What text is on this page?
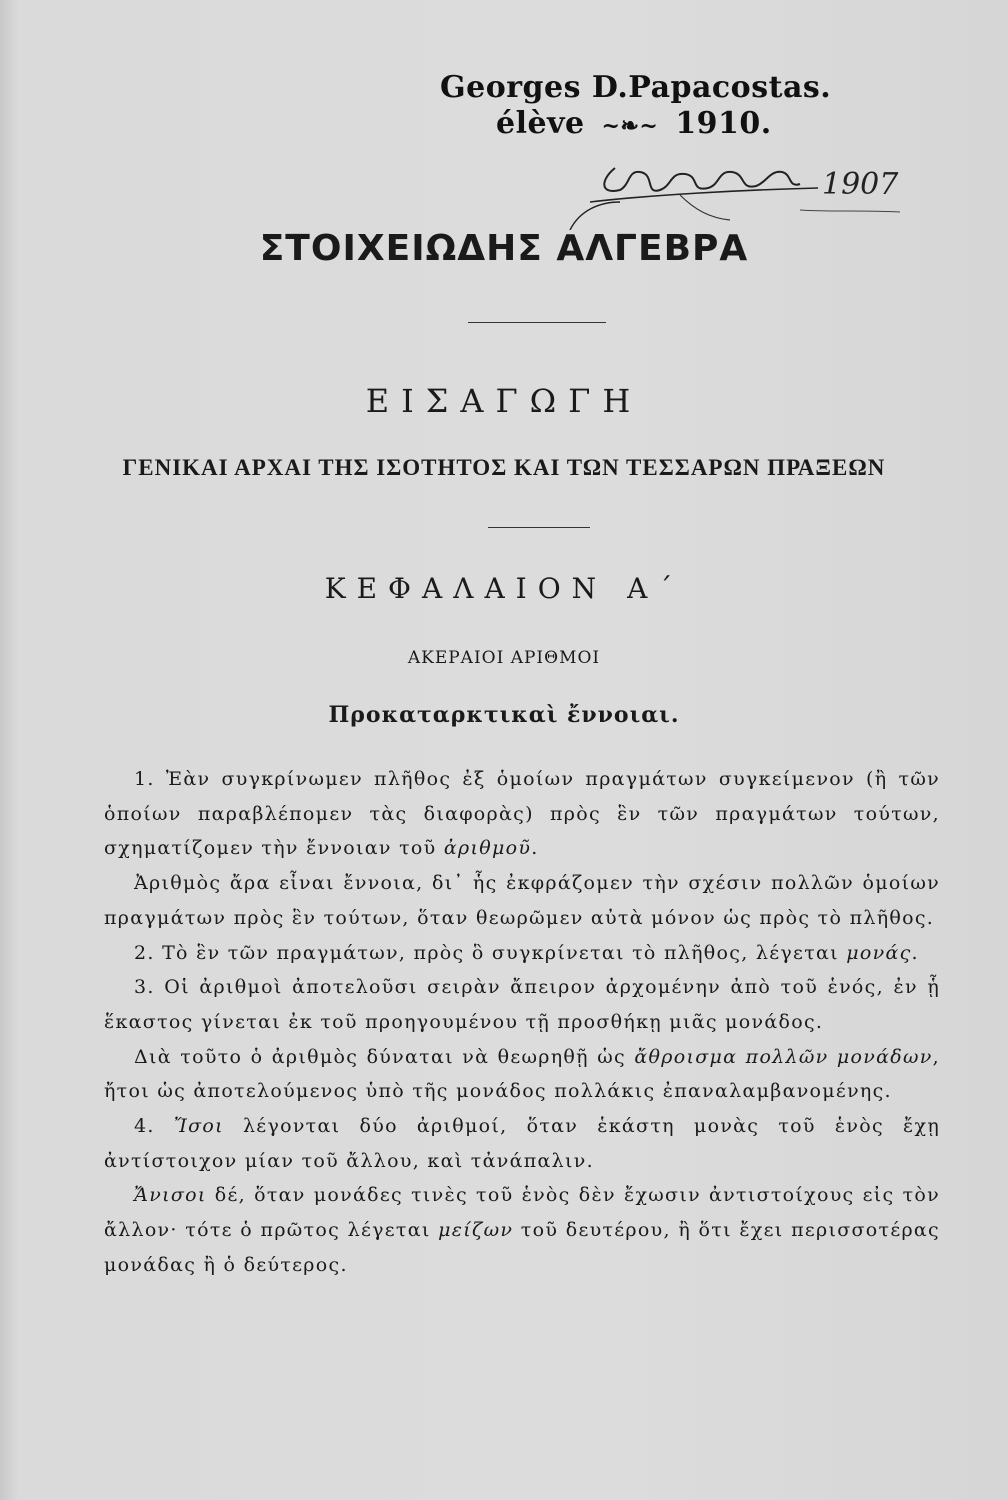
Georges D.Papacostas.
élève ~❧~ 1910.
1907
ΣΤΟΙΧΕΙΩΔΗΣ ΑΛΓΕΒΡΑ
ΕΙΣΑΓΩΓΗ
ΓΕΝΙΚΑΙ ΑΡΧΑΙ ΤΗΣ ΙΣΟΤΗΤΟΣ ΚΑΙ ΤΩΝ ΤΕΣΣΑΡΩΝ ΠΡΑΞΕΩΝ
ΚΕΦΑΛΑΙΟΝ Α΄
ΑΚΕΡΑΙΟΙ ΑΡΙΘΜΟΙ
Προκαταρκτικαὶ ἔννοιαι.

1. Ἐὰν συγκρίνωμεν πλῆθος ἐξ ὁμοίων πραγμάτων συγκείμενον (ἢ τῶν ὁποίων παραβλέπομεν τὰς διαφορὰς) πρὸς ἓν τῶν πραγμάτων τούτων, σχηματίζομεν τὴν ἔννοιαν τοῦ ἀριθμοῦ.

Ἀριθμὸς ἄρα εἶναι ἔννοια, δι᾽ ἧς ἐκφράζομεν τὴν σχέσιν πολλῶν ὁμοίων πραγμάτων πρὸς ἓν τούτων, ὅταν θεωρῶμεν αὐτὰ μόνον ὡς πρὸς τὸ πλῆθος.

2. Τὸ ἓν τῶν πραγμάτων, πρὸς ὃ συγκρίνεται τὸ πλῆθος, λέγεται μονάς.

3. Οἱ ἀριθμοὶ ἀποτελοῦσι σειρὰν ἄπειρον ἀρχομένην ἀπὸ τοῦ ἑνός, ἐν ᾗ ἕκαστος γίνεται ἐκ τοῦ προηγουμένου τῇ προσθήκῃ μιᾶς μονάδος.

Διὰ τοῦτο ὁ ἀριθμὸς δύναται νὰ θεωρηθῇ ὡς ἄθροισμα πολλῶν μονάδων, ἤτοι ὡς ἀποτελούμενος ὑπὸ τῆς μονάδος πολλάκις ἐπαναλαμβανομένης.

4. Ἴσοι λέγονται δύο ἀριθμοί, ὅταν ἑκάστη μονὰς τοῦ ἑνὸς ἔχῃ ἀντίστοιχον μίαν τοῦ ἄλλου, καὶ τἀνάπαλιν.

Ἄνισοι δέ, ὅταν μονάδες τινὲς τοῦ ἑνὸς δὲν ἔχωσιν ἀντιστοίχους εἰς τὸν ἄλλον· τότε ὁ πρῶτος λέγεται μείζων τοῦ δευτέρου, ἢ ὅτι ἔχει περισσοτέρας μονάδας ἢ ὁ δεύτερος.
